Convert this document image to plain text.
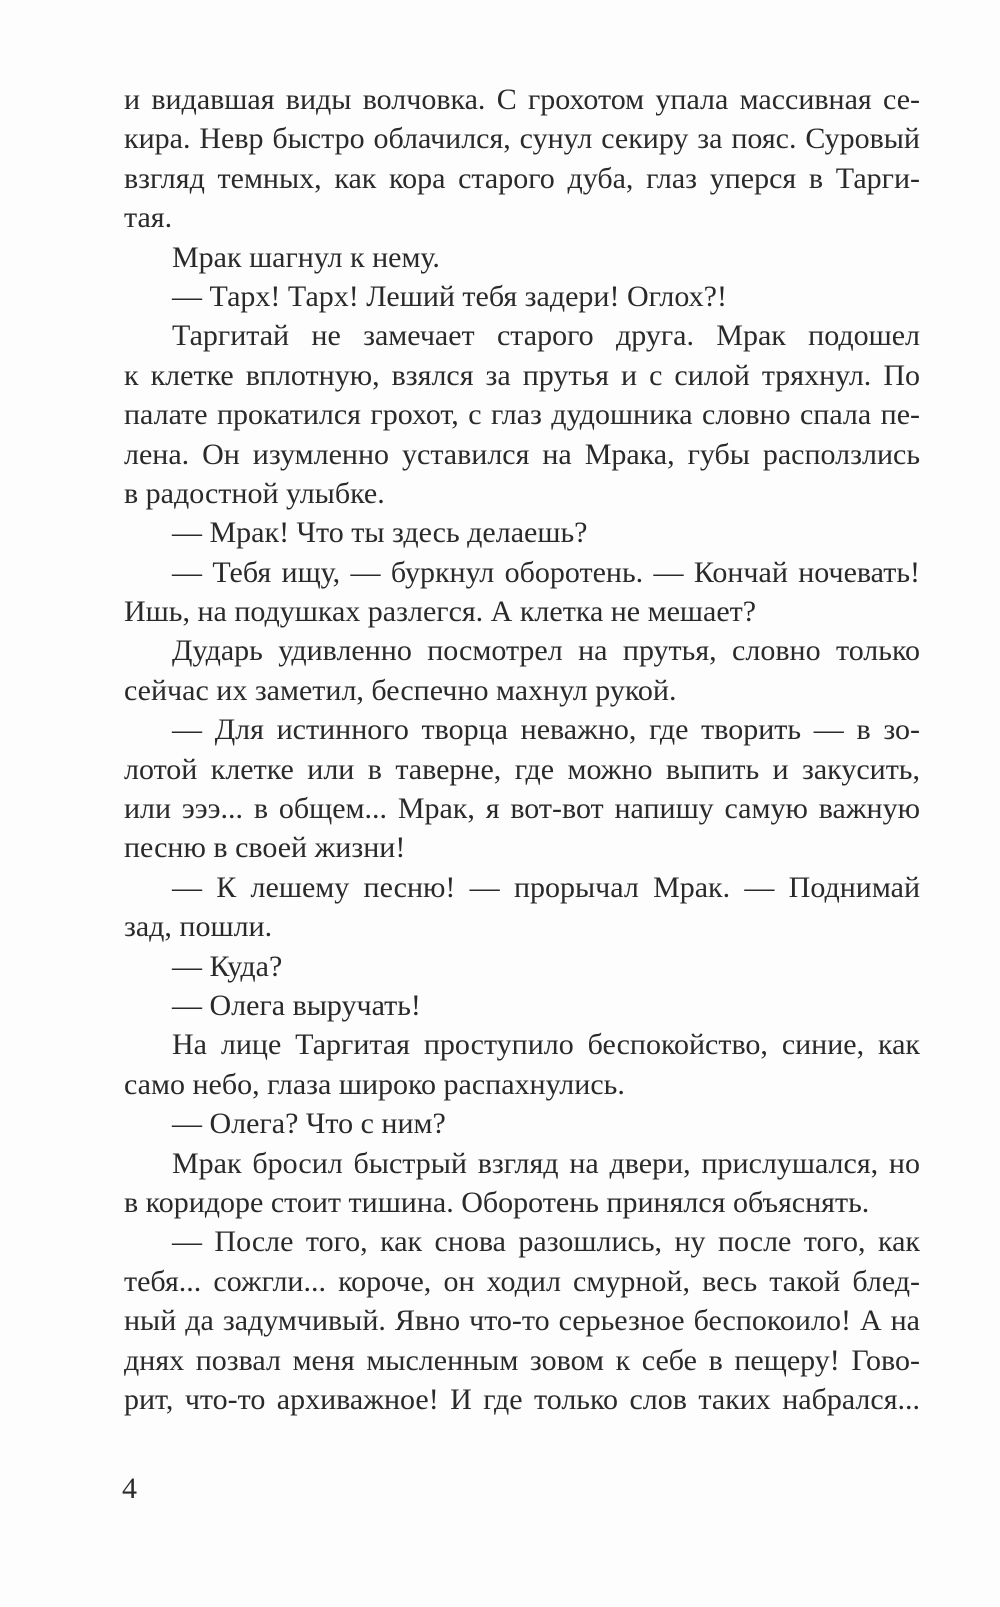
и видавшая виды волчовка. С грохотом упала массивная се-
кира. Невр быстро облачился, сунул секиру за пояс. Суровый
взгляд темных, как кора старого дуба, глаз уперся в Тарги-
тая.
Мрак шагнул к нему.
— Тарх! Тарх! Леший тебя задери! Оглох?!
Таргитай не замечает старого друга. Мрак подошел
к клетке вплотную, взялся за прутья и с силой тряхнул. По
палате прокатился грохот, с глаз дудошника словно спала пе-
лена. Он изумленно уставился на Мрака, губы расползлись
в радостной улыбке.
— Мрак! Что ты здесь делаешь?
— Тебя ищу, — буркнул оборотень. — Кончай ночевать!
Ишь, на подушках разлегся. А клетка не мешает?
Дударь удивленно посмотрел на прутья, словно только
сейчас их заметил, беспечно махнул рукой.
— Для истинного творца неважно, где творить — в зо-
лотой клетке или в таверне, где можно выпить и закусить,
или эээ... в общем... Мрак, я вот-вот напишу самую важную
песню в своей жизни!
— К лешему песню! — прорычал Мрак. — Поднимай
зад, пошли.
— Куда?
— Олега выручать!
На лице Таргитая проступило беспокойство, синие, как
само небо, глаза широко распахнулись.
— Олега? Что с ним?
Мрак бросил быстрый взгляд на двери, прислушался, но
в коридоре стоит тишина. Оборотень принялся объяснять.
— После того, как снова разошлись, ну после того, как
тебя... сожгли... короче, он ходил смурной, весь такой блед-
ный да задумчивый. Явно что-то серьезное беспокоило! А на
днях позвал меня мысленным зовом к себе в пещеру! Гово-
рит, что-то архиважное! И где только слов таких набрался...
4
